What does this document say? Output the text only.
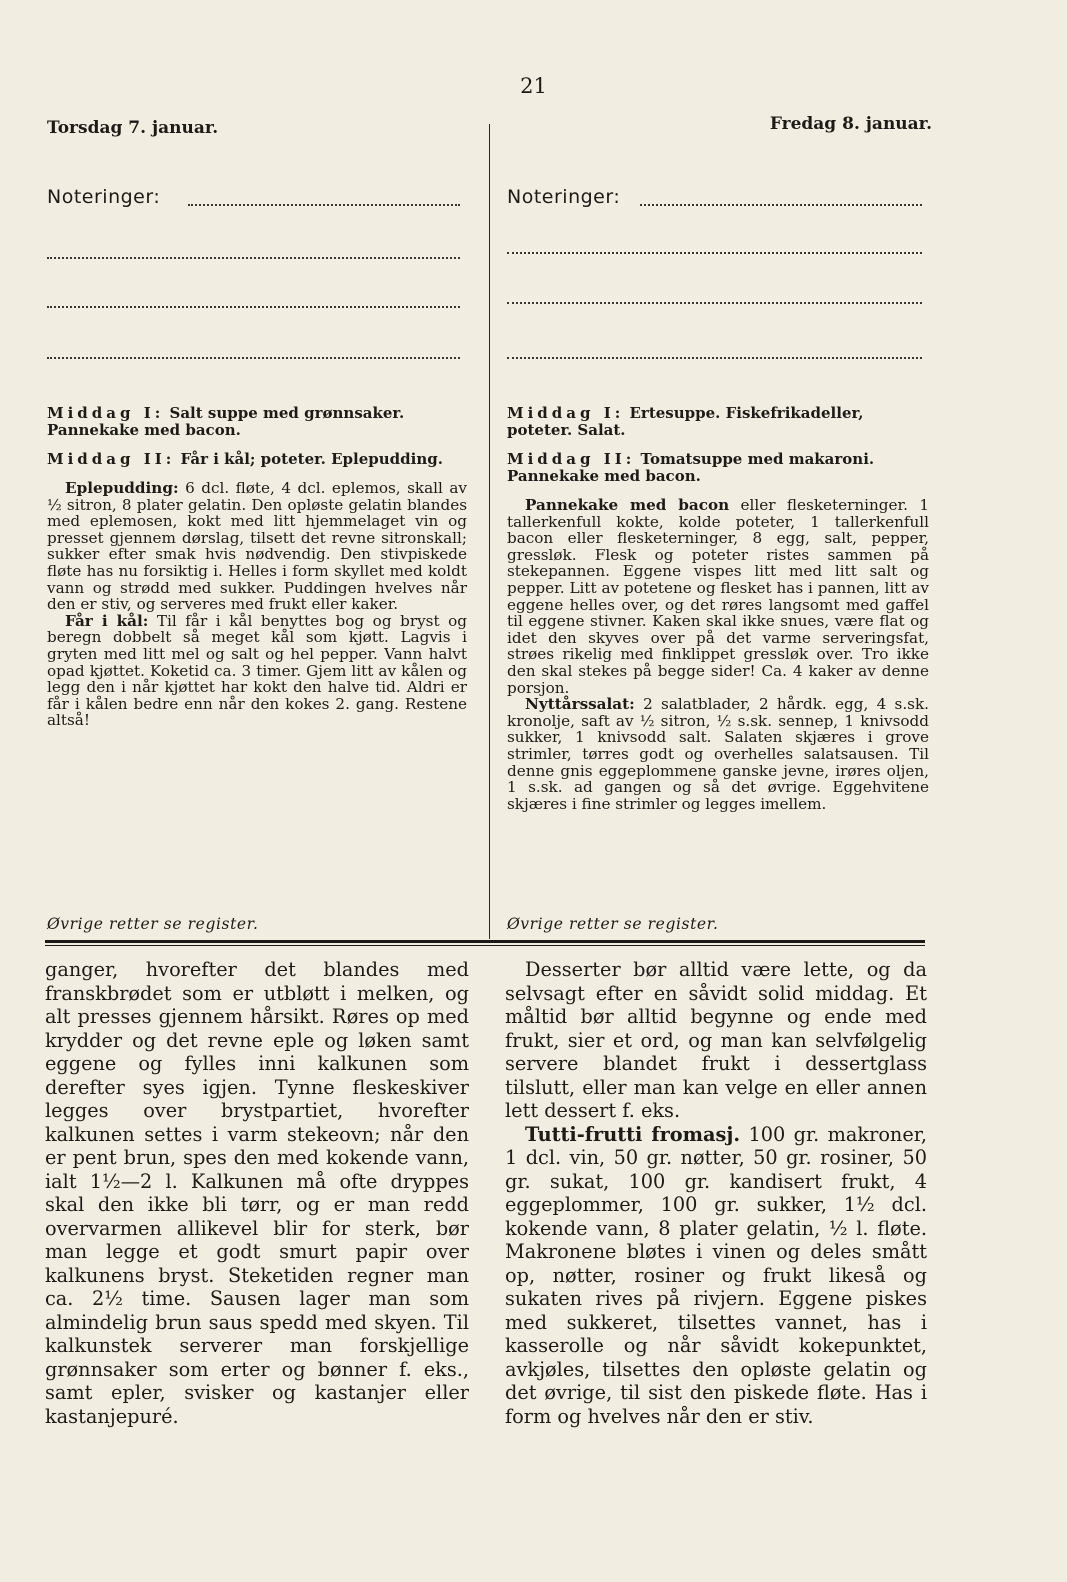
21
Torsdag 7. januar.	Fredag 8. januar.
Noteringer:	Noteringer:
Middag I: Salt suppe med grønnsaker. Pannekake med bacon.
Middag II: Får i kål; poteter. Eplepudding.

Eplepudding: 6 dcl. fløte, 4 dcl. eplemos, skall av ½ sitron, 8 plater gelatin. Den opløste gelatin blandes med eplemosen, kokt med litt hjemmelaget vin og presset gjennem dørslag, tilsett det revne sitronskall; sukker efter smak hvis nødvendig. Den stivpiskede fløte has nu forsiktig i. Helles i form skyllet med koldt vann og strødd med sukker. Puddingen hvelves når den er stiv, og serveres med frukt eller kaker.

Får i kål: Til får i kål benyttes bog og bryst og beregn dobbelt så meget kål som kjøtt. Lagvis i gryten med litt mel og salt og hel pepper. Vann halvt opad kjøttet. Koketid ca. 3 timer. Gjem litt av kålen og legg den i når kjøttet har kokt den halve tid. Aldri er får i kålen bedre enn når den kokes 2. gang. Restene altså!

Middag I: Ertesuppe. Fiskefrikadeller, poteter. Salat.
Middag II: Tomatsuppe med makaroni. Pannekake med bacon.

Pannekake med bacon eller flesketerninger. 1 tallerkenfull kokte, kolde poteter, 1 tallerkenfull bacon eller flesketerninger, 8 egg, salt, pepper, gressløk. Flesk og poteter ristes sammen på stekepannen. Eggene vispes litt med litt salt og pepper. Litt av potetene og flesket has i pannen, litt av eggene helles over, og det røres langsomt med gaffel til eggene stivner. Kaken skal ikke snues, være flat og idet den skyves over på det varme serveringsfat, strøes rikelig med finklippet gressløk over. Tro ikke den skal stekes på begge sider! Ca. 4 kaker av denne porsjon.

Nyttårssalat: 2 salatblader, 2 hårdk. egg, 4 s.sk. kronolje, saft av ½ sitron, ½ s.sk. sennep, 1 knivsodd sukker, 1 knivsodd salt. Salaten skjæres i grove strimler, tørres godt og overhelles salatsausen. Til denne gnis eggeplommene ganske jevne, irøres oljen, 1 s.sk. ad gangen og så det øvrige. Eggehvitene skjæres i fine strimler og legges imellem.

Øvrige retter se register.	Øvrige retter se register.

ganger, hvorefter det blandes med franskbrødet som er utbløtt i melken, og alt presses gjennem hårsikt. Røres op med krydder og det revne eple og løken samt eggene og fylles inni kalkunen som derefter syes igjen. Tynne fleskeskiver legges over brystpartiet, hvorefter kalkunen settes i varm stekeovn; når den er pent brun, spes den med kokende vann, ialt 1½—2 l. Kalkunen må ofte dryppes skal den ikke bli tørr, og er man redd overvarmen allikevel blir for sterk, bør man legge et godt smurt papir over kalkunens bryst. Steketiden regner man ca. 2½ time. Sausen lager man som almindelig brun saus spedd med skyen. Til kalkunstek serverer man forskjellige grønnsaker som erter og bønner f. eks., samt epler, svisker og kastanjer eller kastanjepuré.

Desserter bør alltid være lette, og da selvsagt efter en såvidt solid middag. Et måltid bør alltid begynne og ende med frukt, sier et ord, og man kan selvfølgelig servere blandet frukt i dessertglass tilslutt, eller man kan velge en eller annen lett dessert f. eks.

Tutti-frutti fromasj. 100 gr. makroner, 1 dcl. vin, 50 gr. nøtter, 50 gr. rosiner, 50 gr. sukat, 100 gr. kandisert frukt, 4 eggeplommer, 100 gr. sukker, 1½ dcl. kokende vann, 8 plater gelatin, ½ l. fløte. Makronene bløtes i vinen og deles smått op, nøtter, rosiner og frukt likeså og sukaten rives på rivjern. Eggene piskes med sukkeret, tilsettes vannet, has i kasserolle og når såvidt kokepunktet, avkjøles, tilsettes den opløste gelatin og det øvrige, til sist den piskede fløte. Has i form og hvelves når den er stiv.
